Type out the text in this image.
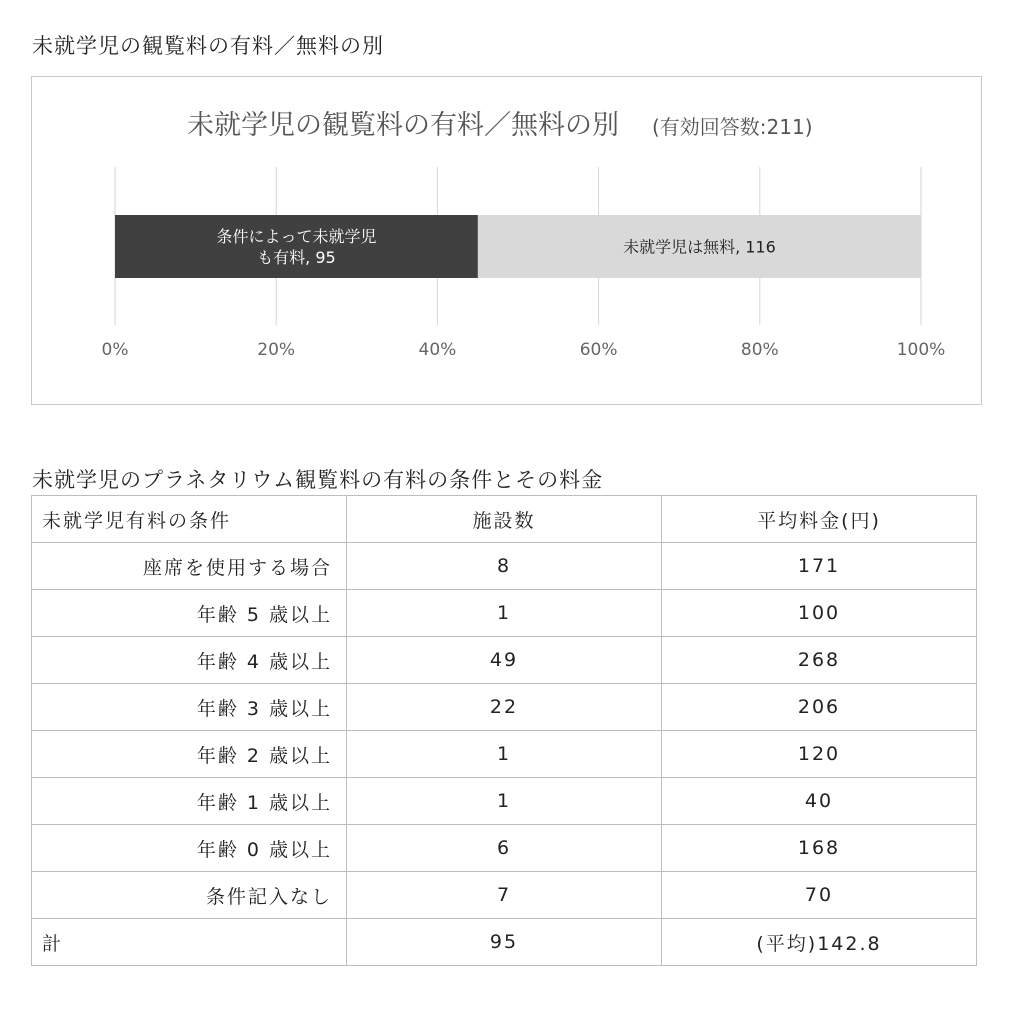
未就学児の観覧料の有料／無料の別
未就学児の観覧料の有料／無料の別 (有効回答数:211)
0%	20%	40%	60%	80%	100%
条件によって未就学児
も有料, 95
未就学児は無料, 116
未就学児のプラネタリウム観覧料の有料の条件とその料金
未就学児有料の条件	施設数	平均料金(円)
座席を使用する場合	8	171
年齢 5 歳以上	1	100
年齢 4 歳以上	49	268
年齢 3 歳以上	22	206
年齢 2 歳以上	1	120
年齢 1 歳以上	1	40
年齢 0 歳以上	6	168
条件記入なし	7	70
計	95	(平均)142.8
